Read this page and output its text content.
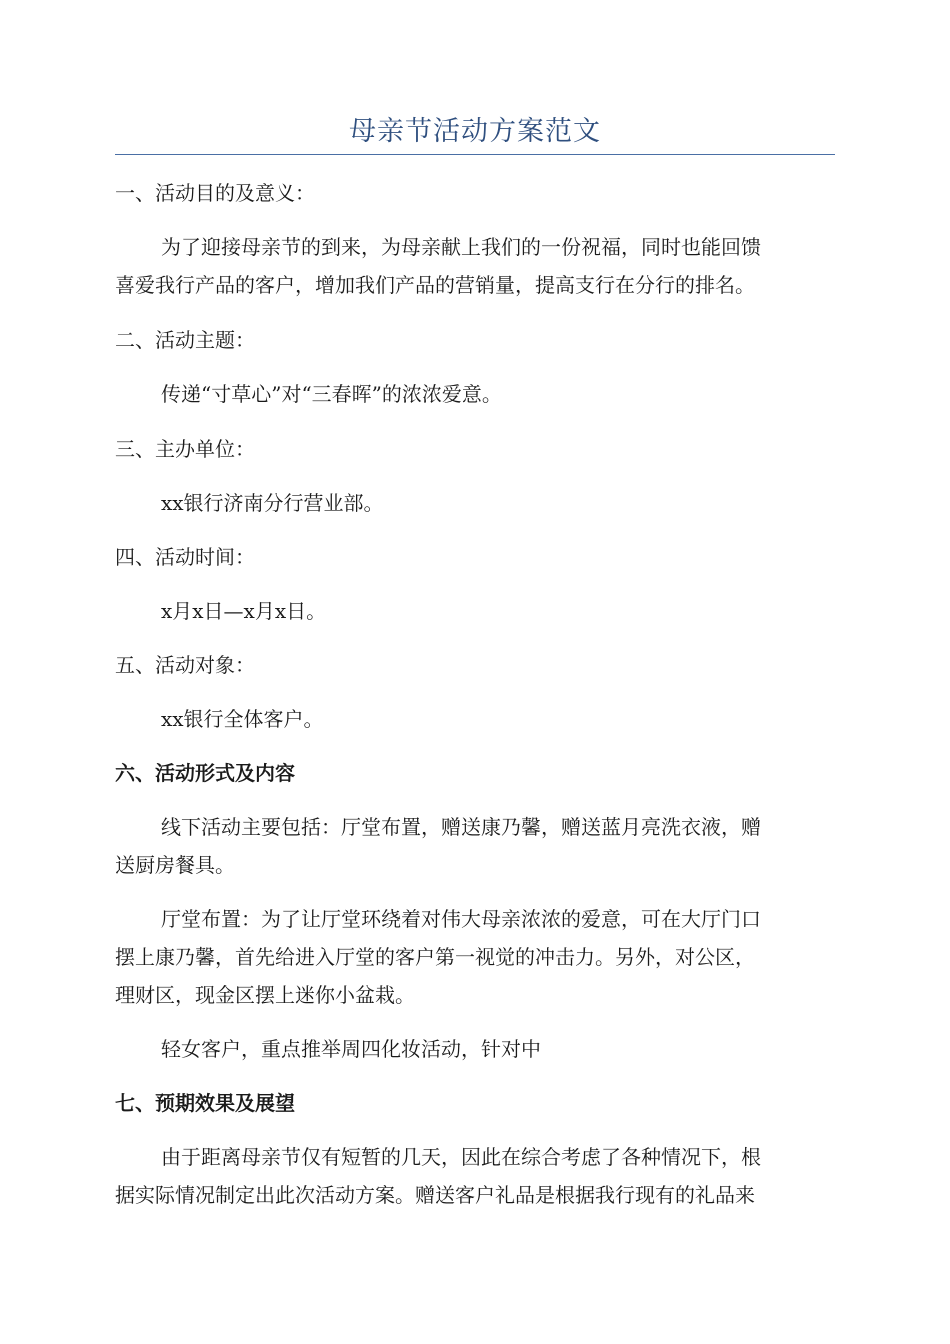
母亲节活动方案范文
一、活动目的及意义：
为了迎接母亲节的到来，为母亲献上我们的一份祝福，同时也能回馈
喜爱我行产品的客户，增加我们产品的营销量，提高支行在分行的排名。
二、活动主题：
传递“寸草心”对“三春晖”的浓浓爱意。
三、主办单位：
xx银行济南分行营业部。
四、活动时间：
x月x日—x月x日。
五、活动对象：
xx银行全体客户。
六、活动形式及内容
线下活动主要包括：厅堂布置，赠送康乃馨，赠送蓝月亮洗衣液，赠
送厨房餐具。
厅堂布置：为了让厅堂环绕着对伟大母亲浓浓的爱意，可在大厅门口
摆上康乃馨，首先给进入厅堂的客户第一视觉的冲击力。另外，对公区，
理财区，现金区摆上迷你小盆栽。
轻女客户，重点推举周四化妆活动，针对中
七、预期效果及展望
由于距离母亲节仅有短暂的几天，因此在综合考虑了各种情况下，根
据实际情况制定出此次活动方案。赠送客户礼品是根据我行现有的礼品来
